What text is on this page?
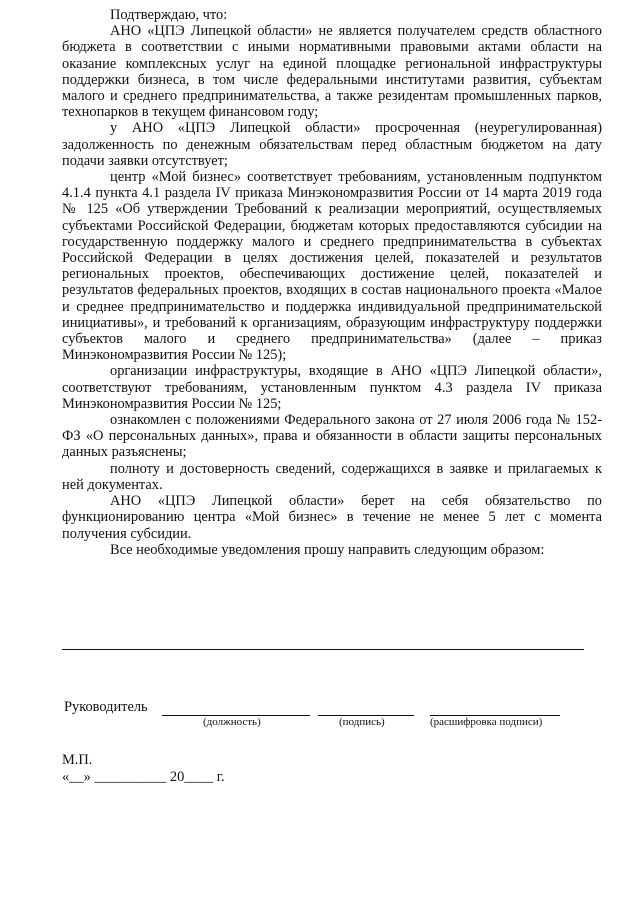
Подтверждаю, что:

АНО «ЦПЭ Липецкой области» не является получателем средств областного бюджета в соответствии с иными нормативными правовыми актами области на оказание комплексных услуг на единой площадке региональной инфраструктуры поддержки бизнеса, в том числе федеральными институтами развития, субъектам малого и среднего предпринимательства, а также резидентам промышленных парков, технопарков в текущем финансовом году;

у АНО «ЦПЭ Липецкой области» просроченная (неурегулированная) задолженность по денежным обязательствам перед областным бюджетом на дату подачи заявки отсутствует;

центр «Мой бизнес» соответствует требованиям, установленным подпунктом 4.1.4 пункта 4.1 раздела IV приказа Минэкономразвития России от 14 марта 2019 года № 125 «Об утверждении Требований к реализации мероприятий, осуществляемых субъектами Российской Федерации, бюджетам которых предоставляются субсидии на государственную поддержку малого и среднего предпринимательства в субъектах Российской Федерации в целях достижения целей, показателей и результатов региональных проектов, обеспечивающих достижение целей, показателей и результатов федеральных проектов, входящих в состав национального проекта «Малое и среднее предпринимательство и поддержка индивидуальной предпринимательской инициативы», и требований к организациям, образующим инфраструктуру поддержки субъектов малого и среднего предпринимательства» (далее – приказ Минэкономразвития России № 125);

организации инфраструктуры, входящие в АНО «ЦПЭ Липецкой области», соответствуют требованиям, установленным пунктом 4.3 раздела IV приказа Минэкономразвития России № 125;

ознакомлен с положениями Федерального закона от 27 июля 2006 года № 152-ФЗ «О персональных данных», права и обязанности в области защиты персональных данных разъяснены;

полноту и достоверность сведений, содержащихся в заявке и прилагаемых к ней документах.

АНО «ЦПЭ Липецкой области» берет на себя обязательство по функционированию центра «Мой бизнес» в течение не менее 5 лет с момента получения субсидии.

Все необходимые уведомления прошу направить следующим образом:

Руководитель
(должность)	(подпись)	(расшифровка подписи)
М.П.
«__» __________ 20____ г.
